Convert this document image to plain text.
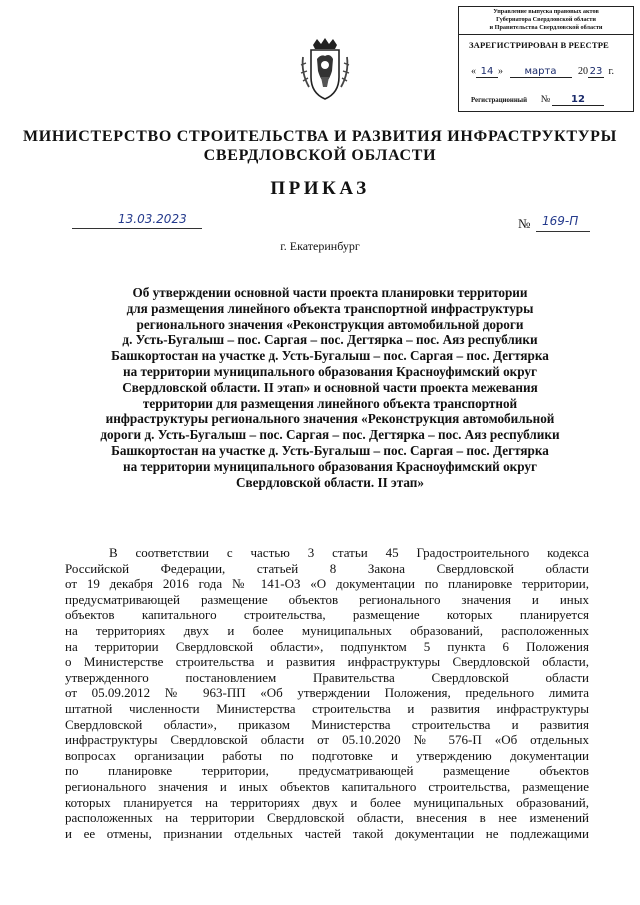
Управление выпуска правовых актов
Губернатора Свердловской области
и Правительства Свердловской области
ЗАРЕГИСТРИРОВАН В РЕЕСТРЕ
« 14 » марта 20 23 г.
Регистрационный № 12
МИНИСТЕРСТВО СТРОИТЕЛЬСТВА И РАЗВИТИЯ ИНФРАСТРУКТУРЫ
СВЕРДЛОВСКОЙ ОБЛАСТИ
ПРИКАЗ
13.03.2023	№ 169-П
г. Екатеринбург
Об утверждении основной части проекта планировки территории
для размещения линейного объекта транспортной инфраструктуры
регионального значения «Реконструкция автомобильной дороги
д. Усть-Бугалыш – пос. Саргая – пос. Дегтярка – пос. Аяз республики
Башкортостан на участке д. Усть-Бугалыш – пос. Саргая – пос. Дегтярка
на территории муниципального образования Красноуфимский округ
Свердловской области. II этап» и основной части проекта межевания
территории для размещения линейного объекта транспортной
инфраструктуры регионального значения «Реконструкция автомобильной
дороги д. Усть-Бугалыш – пос. Саргая – пос. Дегтярка – пос. Аяз республики
Башкортостан на участке д. Усть-Бугалыш – пос. Саргая – пос. Дегтярка
на территории муниципального образования Красноуфимский округ
Свердловской области. II этап»
В соответствии с частью 3 статьи 45 Градостроительного кодекса
Российской Федерации, статьей 8 Закона Свердловской области
от 19 декабря 2016 года № 141-ОЗ «О документации по планировке территории,
предусматривающей размещение объектов регионального значения и иных
объектов капитального строительства, размещение которых планируется
на территориях двух и более муниципальных образований, расположенных
на территории Свердловской области», подпунктом 5 пункта 6 Положения
о Министерстве строительства и развития инфраструктуры Свердловской области,
утвержденного постановлением Правительства Свердловской области
от 05.09.2012 № 963-ПП «Об утверждении Положения, предельного лимита
штатной численности Министерства строительства и развития инфраструктуры
Свердловской области», приказом Министерства строительства и развития
инфраструктуры Свердловской области от 05.10.2020 № 576-П «Об отдельных
вопросах организации работы по подготовке и утверждению документации
по планировке территории, предусматривающей размещение объектов
регионального значения и иных объектов капитального строительства, размещение
которых планируется на территориях двух и более муниципальных образований,
расположенных на территории Свердловской области, внесения в нее изменений
и ее отмены, признании отдельных частей такой документации не подлежащими
